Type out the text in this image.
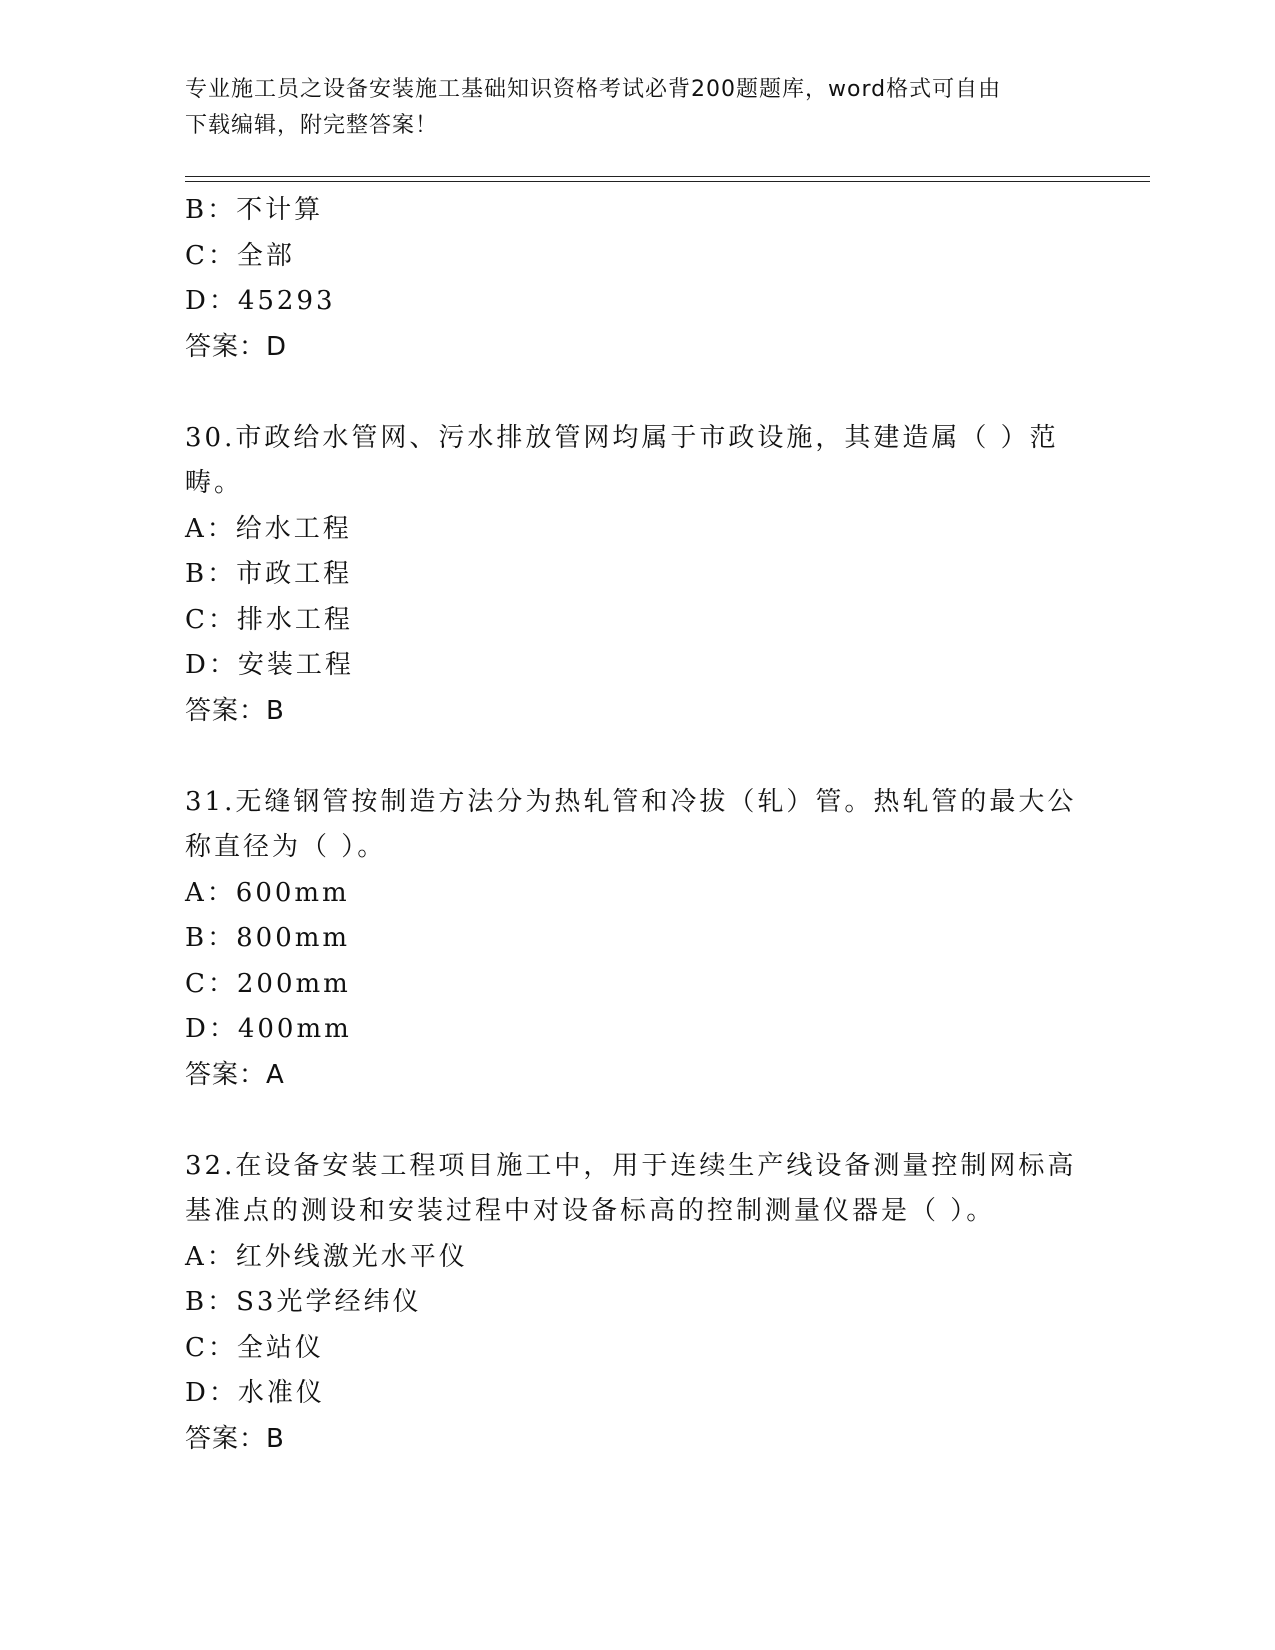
专业施工员之设备安装施工基础知识资格考试必背200题题库，word格式可自由
下载编辑，附完整答案！
B：不计算
C：全部
D：45293
答案：D
30.市政给水管网、污水排放管网均属于市政设施，其建造属（ ）范
畴。
A：给水工程
B：市政工程
C：排水工程
D：安装工程
答案：B
31.无缝钢管按制造方法分为热轧管和冷拔（轧）管。热轧管的最大公
称直径为（ ）。
A：600mm
B：800mm
C：200mm
D：400mm
答案：A
32.在设备安装工程项目施工中，用于连续生产线设备测量控制网标高
基准点的测设和安装过程中对设备标高的控制测量仪器是（ ）。
A：红外线激光水平仪
B：S3光学经纬仪
C：全站仪
D：水准仪
答案：B
